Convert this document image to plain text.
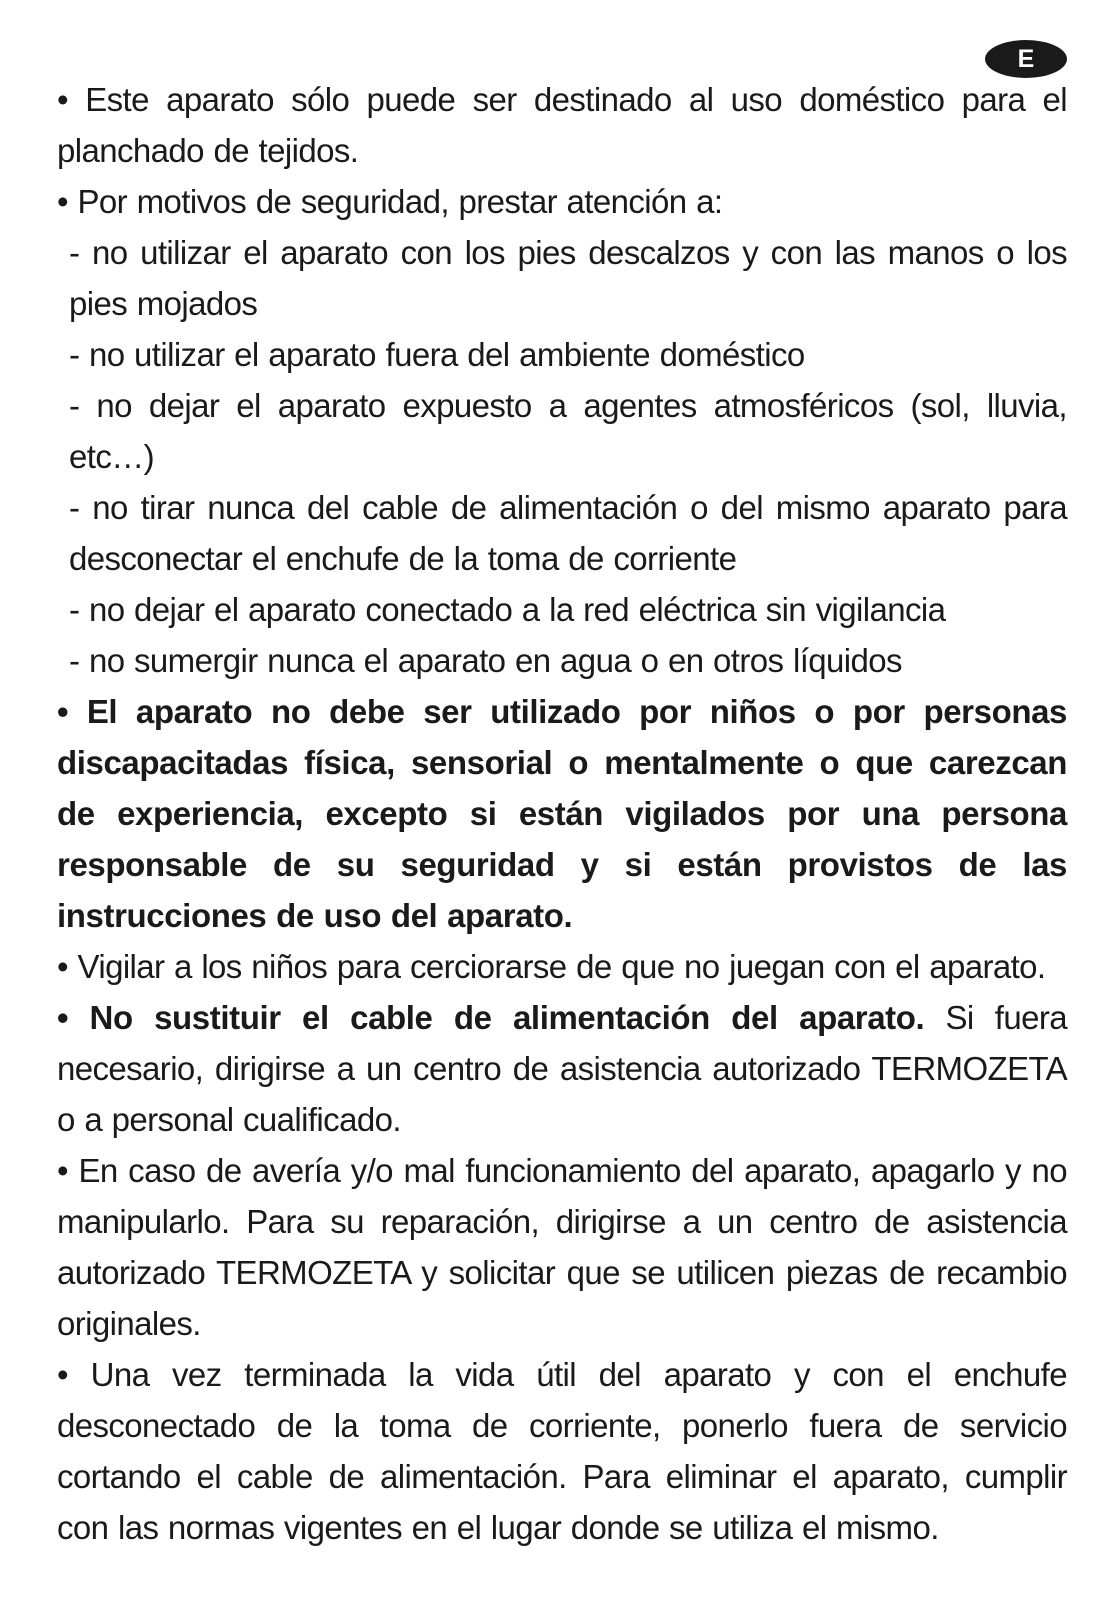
E

• Este aparato sólo puede ser destinado al uso doméstico para el planchado de tejidos.

• Por motivos de seguridad, prestar atención a:

- no utilizar el aparato con los pies descalzos y con las manos o los pies mojados

- no utilizar el aparato fuera del ambiente doméstico

- no dejar el aparato expuesto a agentes atmosféricos (sol, lluvia, etc…)

- no tirar nunca del cable de alimentación o del mismo aparato para desconectar el enchufe de la toma de corriente

- no dejar el aparato conectado a la red eléctrica sin vigilancia

- no sumergir nunca el aparato en agua o en otros líquidos

• El aparato no debe ser utilizado por niños o por personas discapacitadas física, sensorial o mentalmente o que carezcan de experiencia, excepto si están vigilados por una persona responsable de su seguridad y si están provistos de las instrucciones de uso del aparato.

• Vigilar a los niños para cerciorarse de que no juegan con el aparato.

• No sustituir el cable de alimentación del aparato. Si fuera necesario, dirigirse a un centro de asistencia autorizado TERMOZETA o a personal cualificado.

• En caso de avería y/o mal funcionamiento del aparato, apagarlo y no manipularlo. Para su reparación, dirigirse a un centro de asistencia autorizado TERMOZETA y solicitar que se utilicen piezas de recambio originales.

• Una vez terminada la vida útil del aparato y con el enchufe desconectado de la toma de corriente, ponerlo fuera de servicio cortando el cable de alimentación. Para eliminar el aparato, cumplir con las normas vigentes en el lugar donde se utiliza el mismo.
